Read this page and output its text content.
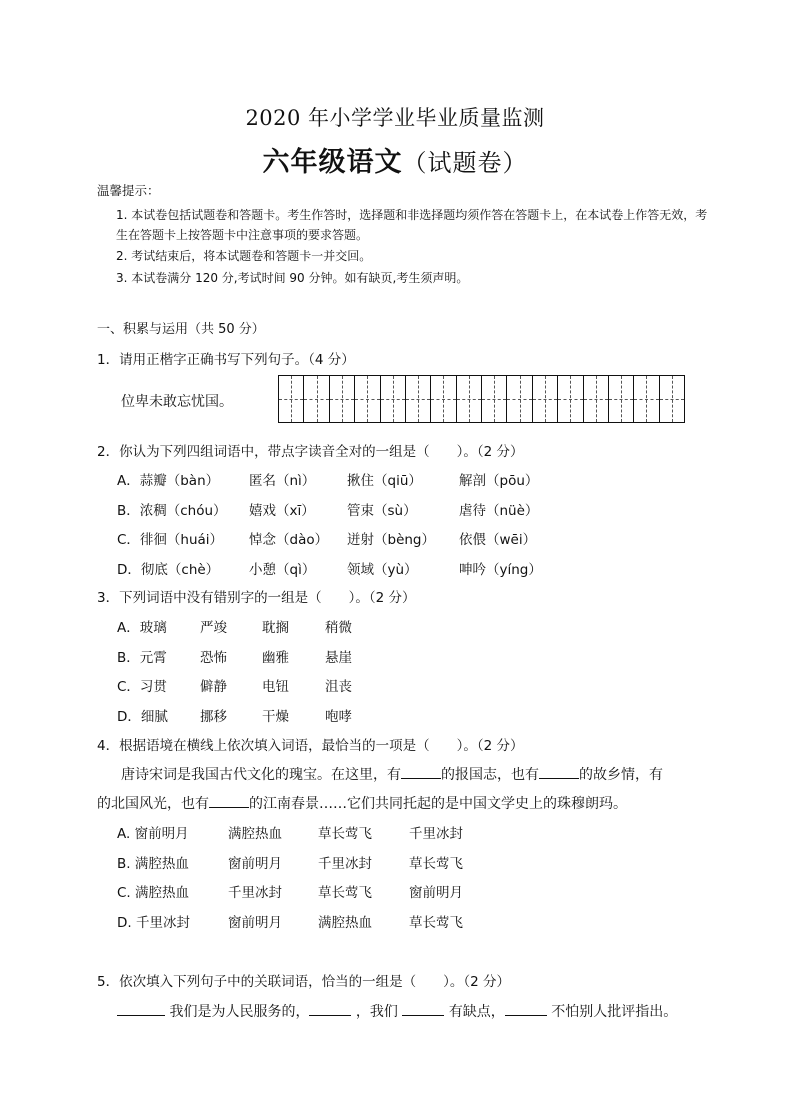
2020 年小学学业毕业质量监测
六年级语文（试题卷）
温馨提示：
1. 本试卷包括试题卷和答题卡。考生作答时，选择题和非选择题均须作答在答题卡上，在本试卷上作答无效，考生在答题卡上按答题卡中注意事项的要求答题。
2. 考试结束后，将本试题卷和答题卡一并交回。
3. 本试卷满分 120 分,考试时间 90 分钟。如有缺页,考生须声明。
一、积累与运用（共 50 分）
1．请用正楷字正确书写下列句子。（4 分）
位卑未敢忘忧国。
2．你认为下列四组词语中，带点字读音全对的一组是（　　）。（2 分）
A．蒜瓣（bàn） 匿名（nì） 揪住（qiū）	解剖（pōu）
B．浓稠（chóu） 嬉戏（xī） 管束（sù）	虐待（nüè）
C．徘徊（huái） 悼念（dào） 迸射（bèng） 依偎（wēi）
D．彻底（chè） 小憩（qì） 领域（yù）	呻吟（yíng）
3．下列词语中没有错别字的一组是（　　）。（2 分）
A．玻璃 严竣	耽搁	稍微
B．元霄 恐怖	幽雅	悬崖
C．习贯 僻静	电钮	沮丧
D．细腻 挪移	干燥	咆哮
4．根据语境在横线上依次填入词语，最恰当的一项是（　　）。（2 分）
唐诗宋词是我国古代文化的瑰宝。在这里，有	的报国志，也有	的故乡情，有
的北国风光，也有	的江南春景……它们共同托起的是中国文学史上的珠穆朗玛。
A. 窗前明月	满腔热血	草长莺飞	千里冰封
B. 满腔热血	窗前明月	千里冰封	草长莺飞
C. 满腔热血	千里冰封	草长莺飞	窗前明月
D. 千里冰封	窗前明月	满腔热血	草长莺飞
5．依次填入下列句子中的关联词语，恰当的一组是（　　）。（2 分）
我们是为人民服务的，	，我们	有缺点，	不怕别人批评指出。
